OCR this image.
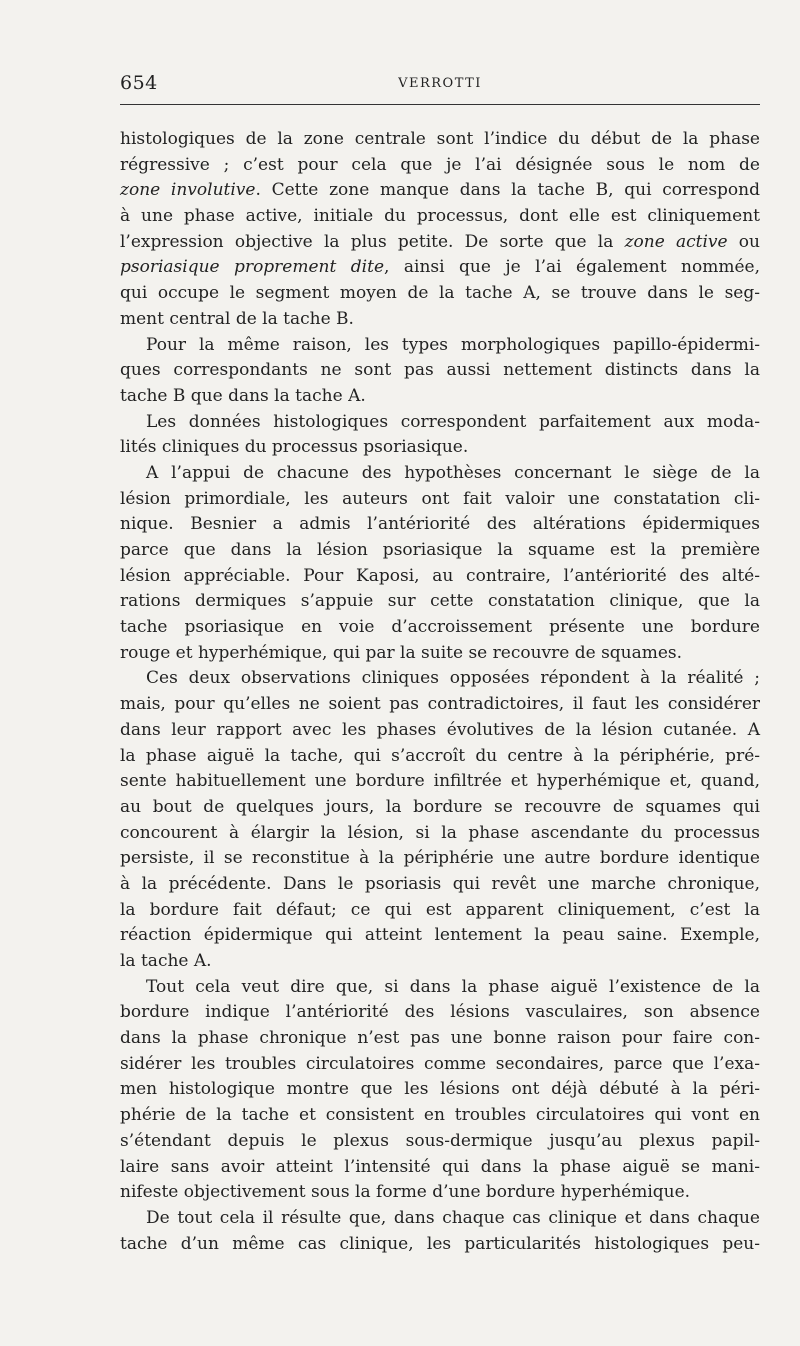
654	VERROTTI
histologiques de la zone centrale sont l’indice du début de la phase
régressive ; c’est pour cela que je l’ai désignée sous le nom de
zone involutive. Cette zone manque dans la tache B, qui correspond
à une phase active, initiale du processus, dont elle est cliniquement
l’expression objective la plus petite. De sorte que la zone active ou
psoriasique proprement dite, ainsi que je l’ai également nommée,
qui occupe le segment moyen de la tache A, se trouve dans le seg-
ment central de la tache B.
Pour la même raison, les types morphologiques papillo-épidermi-
ques correspondants ne sont pas aussi nettement distincts dans la
tache B que dans la tache A.
Les données histologiques correspondent parfaitement aux moda-
lités cliniques du processus psoriasique.
A l’appui de chacune des hypothèses concernant le siège de la
lésion primordiale, les auteurs ont fait valoir une constatation cli-
nique. Besnier a admis l’antériorité des altérations épidermiques
parce que dans la lésion psoriasique la squame est la première
lésion appréciable. Pour Kaposi, au contraire, l’antériorité des alté-
rations dermiques s’appuie sur cette constatation clinique, que la
tache psoriasique en voie d’accroissement présente une bordure
rouge et hyperhémique, qui par la suite se recouvre de squames.
Ces deux observations cliniques opposées répondent à la réalité ;
mais, pour qu’elles ne soient pas contradictoires, il faut les considérer
dans leur rapport avec les phases évolutives de la lésion cutanée. A
la phase aiguë la tache, qui s’accroît du centre à la périphérie, pré-
sente habituellement une bordure infiltrée et hyperhémique et, quand,
au bout de quelques jours, la bordure se recouvre de squames qui
concourent à élargir la lésion, si la phase ascendante du processus
persiste, il se reconstitue à la périphérie une autre bordure identique
à la précédente. Dans le psoriasis qui revêt une marche chronique,
la bordure fait défaut; ce qui est apparent cliniquement, c’est la
réaction épidermique qui atteint lentement la peau saine. Exemple,
la tache A.
Tout cela veut dire que, si dans la phase aiguë l’existence de la
bordure indique l’antériorité des lésions vasculaires, son absence
dans la phase chronique n’est pas une bonne raison pour faire con-
sidérer les troubles circulatoires comme secondaires, parce que l’exa-
men histologique montre que les lésions ont déjà débuté à la péri-
phérie de la tache et consistent en troubles circulatoires qui vont en
s’étendant depuis le plexus sous-dermique jusqu’au plexus papil-
laire sans avoir atteint l’intensité qui dans la phase aiguë se mani-
nifeste objectivement sous la forme d’une bordure hyperhémique.
De tout cela il résulte que, dans chaque cas clinique et dans chaque
tache d’un même cas clinique, les particularités histologiques peu-
